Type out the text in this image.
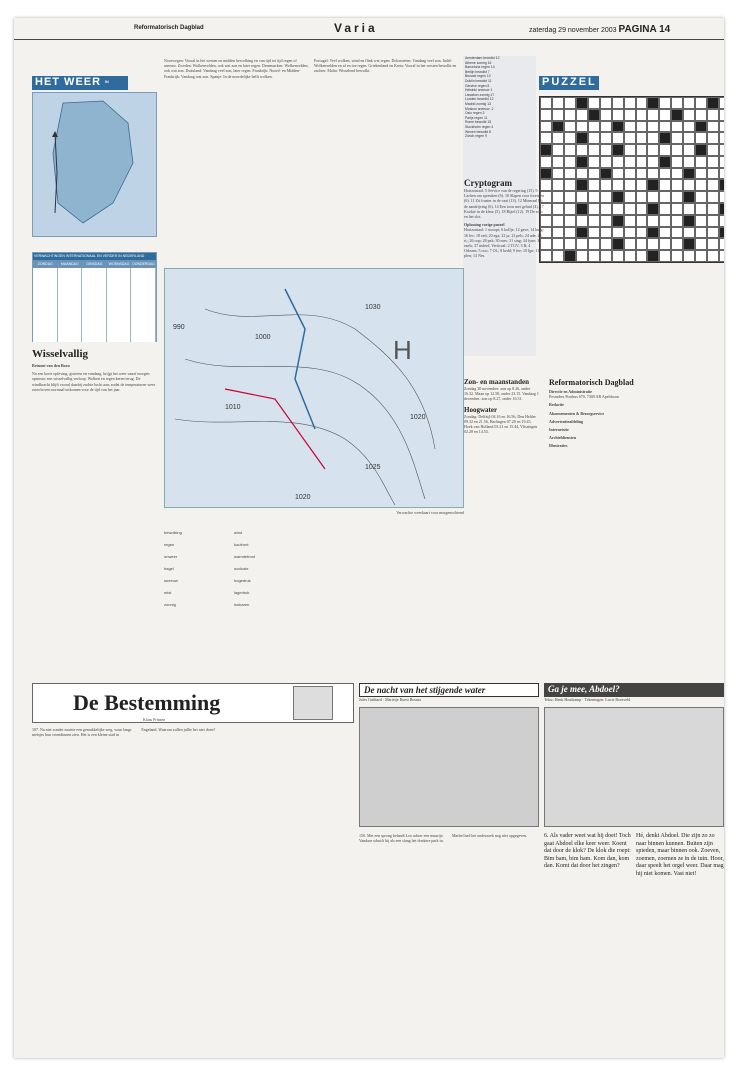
Reformatorisch Dagblad	Varia	zaterdag 29 november 2003 PAGINA 14
HET WEER IN
VERWACHTINGEN INTERNATIONAAL EN VERDER IN NEDERLAND
ZONDAG	MAANDAG	DINSDAG	WOENSDAG DONDERDAG
Wisselvallig
Reinout van den Born
Na een korte opleving, gisteren en vandaag, krijgt het weer vanaf morgen opnieuw een wisselvallig verloop. Wolken en regen keren terug. De windkracht blijft vooral daarbij zachte lucht aan, zodat de temperaturen weer ruim boven normaal uitkomen voor de tijd van het jaar.
Noorwegen: Vooral in het westen en midden bewolking en van tijd tot tijd regen of sneeuw. Zweden: Wolkenvelden, ook wat zon en later regen. Denemarken: Wolkenvelden, ook wat zon. Duitsland: Vandaag veel zon, later regen. Frankrijk: Noord- en Midden-Frankrijk: Vandaag wat zon. Spanje: In de noordelijke helft wolken.
Portugal: Veel wolken, wind en flink wat regen. Dolomieten: Vandaag veel zon. Italië: Wolkenvelden en af en toe regen. Griekenland en Kreta: Vooral in het westen bewolkt en zachter. Malta: Wisselend bewolkt.
Amsterdam bewolkt 12
Athene zonnig 16
Barcelona regen 14
Berlijn bewolkt 7
Brussel regen 10
Dublin bewolkt 11
Genève regen 8
Helsinki sneeuw 1
Lissabon zonnig 17
Londen bewolkt 12
Madrid zonnig 13
Moskou sneeuw -2
Oslo regen 3
Parijs regen 11
Rome bewolkt 15
Stockholm regen 4
Wenen bewolkt 8
Zürich regen 9
H
990
1000
1010
1020
1025
1030
1020
Verwachte weerkaart voor morgenochtend
bewolking	wind
regen	koufront
onweer	warmtefront
hagel	occlusie
sneeuw	hogedruk
mist	lagedruk
zonnig	isobaren
PUZZEL
Cryptogram
Horizontaal: 5 Service van de regering (15). 9 Lachen om spreuken (6). 10 Slapen voor forensen (6). 11 Zit fraaier in de vaat (13). 12 Mineraal bij de aandrijving (6). 14 Een toon met geluid (4). 17 Kookte in de kleur (5). 18 Bijtel (12). 19 De som en het slot.
Oplossing vorige puzzel
Horizontaal: 1 stroopt; 6 kolfje; 12 gave; 14 burg; 16 lev; 18 zed; 20 ega; 22 ja; 23 pels; 24 ade; 25 ri,; 26 oop; 28 pek; 30 mes; 31 sing; 34 fyne; 36 ezels; 37 inderd. Verticaal: 2 TGV; 3 R; 4 Orleans; 5 ooo; 7 OL; 8 kedd; 9 fee; 10 ljpr; 11 plen; 13 Nes.
Zon- en maanstanden
Zondag 30 november: zon op 8.26, onder 16.32. Maan op 12.58, onder 23.15. Vandaag 1 december: zon op 8.27, onder 16.31.
Hoogwater
Zondag: Delfzijl 04.16 en 16.56, Den Helder 09.32 en 21.56, Harlingen 07.20 en 19.45, Hoek van Holland 03.21 en 15.44, Vlissingen 02.28 en 14.53.
Reformatorisch Dagblad
Directie en Administratie
Postadres Postbus 670, 7300 AR Apeldoorn
Redactie
Abonnementen & Bezorgservice
Advertentieafdeling
Internetsite
Archiefdiensten
Illustraties
De Bestemming
Klaas Prinsen
107. Na niet zonder moeite een gemakkelijke weg, waar langs meisjes hun vriendinnen zien. Het is een kleine stad in Engeland. Waarom zullen jullie het niet doen?
De nacht van het stijgende water
Jules Gabbard · Marietje Ruest Bosma
150. Met een sprong belandt Leo achter een muurtje. Vandaar schuift hij als een slang het donkere park in. Marbel had het onderzoek nog niet opgegeven.
Ga je mee, Abdoel?
Tekst: Henk Houtkamp · Tekeningen: Lucie Boesveld
6. Als vader weet wat hij doet! Toch gaat Abdoel elke keer weer. Koent dat door de klok? De klok die roept: Bim bam, bim bam. Kom dan, kom dan. Komt dat door het zingen?
Hé, denkt Abdoel. Die zijn zo zo naar binnen kunnen. Buiten zijn spieden, maar binnen ook. Zoeven, zoemen, zoemen ze in de tuin. Hoor, daar speelt het orgel weer. Daar mag hij niet komen. Vast niet!
